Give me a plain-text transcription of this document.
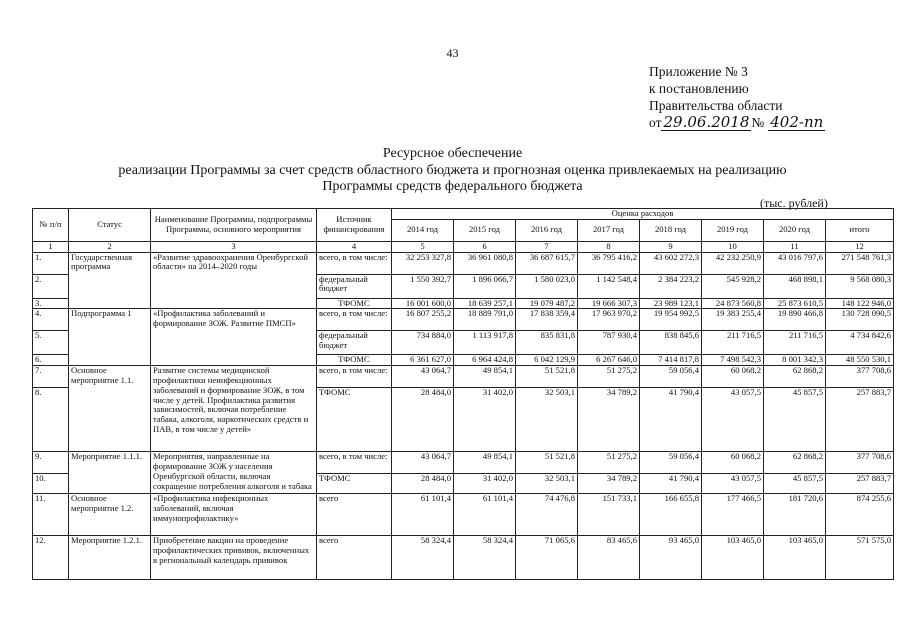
43
Приложение № 3
к постановлению
Правительства области
от 29.06.2018 № 402-пп
Ресурсное обеспечение
реализации Программы за счет средств областного бюджета и прогнозная оценка привлекаемых на реализацию
Программы средств федерального бюджета
(тыс. рублей)
№ п/п	Статус	Наименование Программы, подпрограммы Программы, основного мероприятия	Источник финансирования	Оценка расходов							
				2014 год	2015 год	2016 год	2017 год	2018 год	2019 год	2020 год	итого
1	2	3	4	5	6	7	8	9	10	11	12
1.	Государственная программа	«Развитие здравоохранения Оренбургской области» на 2014–2020 годы	всего, в том числе:	32 253 327,8	36 961 080,8	36 687 615,7	36 795 416,2	43 602 272,3	42 232 250,9	43 016 797,6	271 548 761,3
2.			федеральный бюджет	1 550 392,7	1 896 066,7	1 580 023,0	1 142 548,4	2 384 223,2	545 928,2	468 898,1	9 568 080,3
3.			ТФОМС	16 001 600,0	18 639 257,1	19 079 487,2	19 666 307,3	23 989 123,1	24 873 560,8	25 873 610,5	148 122 946,0
4.	Подпрограмма 1	«Профилактика заболеваний и формирование ЗОЖ. Развитие ПМСП»	всего, в том числе:	16 807 255,2	18 889 791,0	17 838 359,4	17 963 970,2	19 954 992,5	19 383 255,4	19 890 466,8	130 728 090,5
5.			федеральный бюджет	734 884,0	1 113 917,8	835 831,8	787 930,4	838 845,6	211 716,5	211 716,5	4 734 842,6
6.			ТФОМС	6 361 627,0	6 964 424,8	6 042 129,9	6 267 646,0	7 414 817,8	7 498 542,3	8 001 342,3	48 550 530,1
7.	Основное мероприятие 1.1.	Развитие системы медицинской профилактики неинфекционных заболеваний и формирование ЗОЖ, в том числе у детей. Профилактика развития зависимостей, включая потребление табака, алкоголя, наркотических средств и ПАВ, в том числе у детей»	всего, в том числе:	43 064,7	49 854,1	51 521,8	51 275,2	59 056,4	60 068,2	62 868,2	377 708,6
8.			ТФОМС	28 484,0	31 402,0	32 503,1	34 789,2	41 790,4	43 057,5	45 857,5	257 883,7
9.	Мероприятие 1.1.1.	Мероприятия, направленные на формирование ЗОЖ у населения Оренбургской области, включая сокращение потребления алкоголя и табака	всего, в том числе:	43 064,7	49 854,1	51 521,8	51 275,2	59 056,4	60 068,2	62 868,2	377 708,6
10.			ТФОМС	28 484,0	31 402,0	32 503,1	34 789,2	41 790,4	43 057,5	45 857,5	257 883,7
11.	Основное мероприятие 1.2.	«Профилактика инфекционных заболеваний, включая иммунопрофилактику»	всего	61 101,4	61 101,4	74 476,8	151 733,1	166 655,8	177 466,5	181 720,6	874 255,6
12.	Мероприятие 1.2.1.	Приобретение вакцин на проведение профилактических прививок, включенных в региональный календарь прививок	всего	58 324,4	58 324,4	71 065,6	83 465,6	93 465,0	103 465,0	103 465,0	571 575,0
